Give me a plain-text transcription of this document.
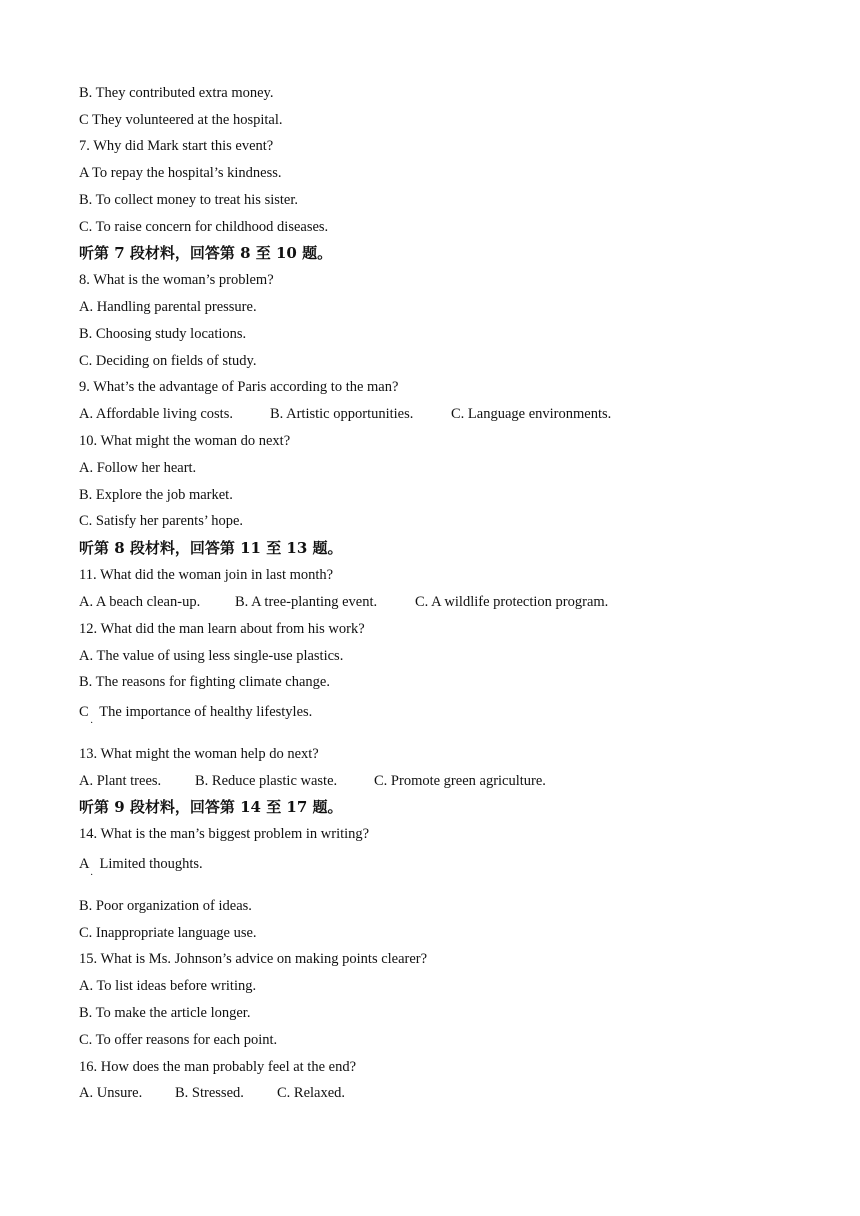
B. They contributed extra money.
C They volunteered at the hospital.
7. Why did Mark start this event?
A To repay the hospital’s kindness.
B. To collect money to treat his sister.
C. To raise concern for childhood diseases.
听第 7 段材料，回答第 8 至 10 题。
8. What is the woman’s problem?
A. Handling parental pressure.
B. Choosing study locations.
C. Deciding on fields of study.
9. What’s the advantage of Paris according to the man?
A. Affordable living costs.	B. Artistic opportunities.	C. Language environments.
10. What might the woman do next?
A. Follow her heart.
B. Explore the job market.
C. Satisfy her parents’ hope.
听第 8 段材料，回答第 11 至 13 题。
11. What did the woman join in last month?
A. A beach clean-up. B. A tree-planting event.	C. A wildlife protection program.
12. What did the man learn about from his work?
A. The value of using less single-use plastics.
B. The reasons for fighting climate change.
C   The importance of healthy lifestyles.
·
13. What might the woman help do next?
A. Plant trees. B. Reduce plastic waste.	C. Promote green agriculture.
听第 9 段材料，回答第 14 至 17 题。
14. What is the man’s biggest problem in writing?
A   Limited thoughts.
·
B. Poor organization of ideas.
C. Inappropriate language use.
15. What is Ms. Johnson’s advice on making points clearer?
A. To list ideas before writing.
B. To make the article longer.
C. To offer reasons for each point.
16. How does the man probably feel at the end?
A. Unsure. B. Stressed. C. Relaxed.
